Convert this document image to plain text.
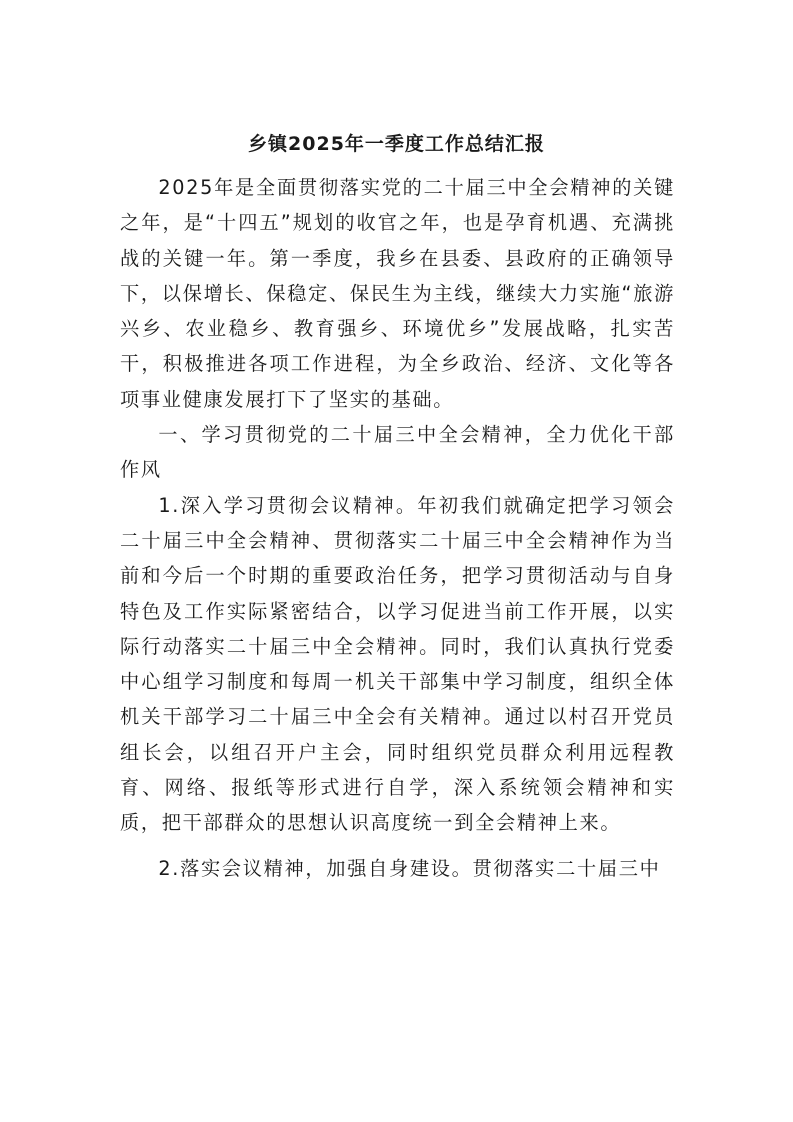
乡镇2025年一季度工作总结汇报

2025年是全面贯彻落实党的二十届三中全会精神的关键之年，是“十四五”规划的收官之年，也是孕育机遇、充满挑战的关键一年。第一季度，我乡在县委、县政府的正确领导下，以保增长、保稳定、保民生为主线，继续大力实施“旅游兴乡、农业稳乡、教育强乡、环境优乡”发展战略，扎实苦干，积极推进各项工作进程，为全乡政治、经济、文化等各项事业健康发展打下了坚实的基础。

一、学习贯彻党的二十届三中全会精神，全力优化干部作风

1.深入学习贯彻会议精神。年初我们就确定把学习领会二十届三中全会精神、贯彻落实二十届三中全会精神作为当前和今后一个时期的重要政治任务，把学习贯彻活动与自身特色及工作实际紧密结合，以学习促进当前工作开展，以实际行动落实二十届三中全会精神。同时，我们认真执行党委中心组学习制度和每周一机关干部集中学习制度，组织全体机关干部学习二十届三中全会有关精神。通过以村召开党员组长会，以组召开户主会，同时组织党员群众利用远程教育、网络、报纸等形式进行自学，深入系统领会精神和实质，把干部群众的思想认识高度统一到全会精神上来。

2.落实会议精神，加强自身建设。贯彻落实二十届三中
